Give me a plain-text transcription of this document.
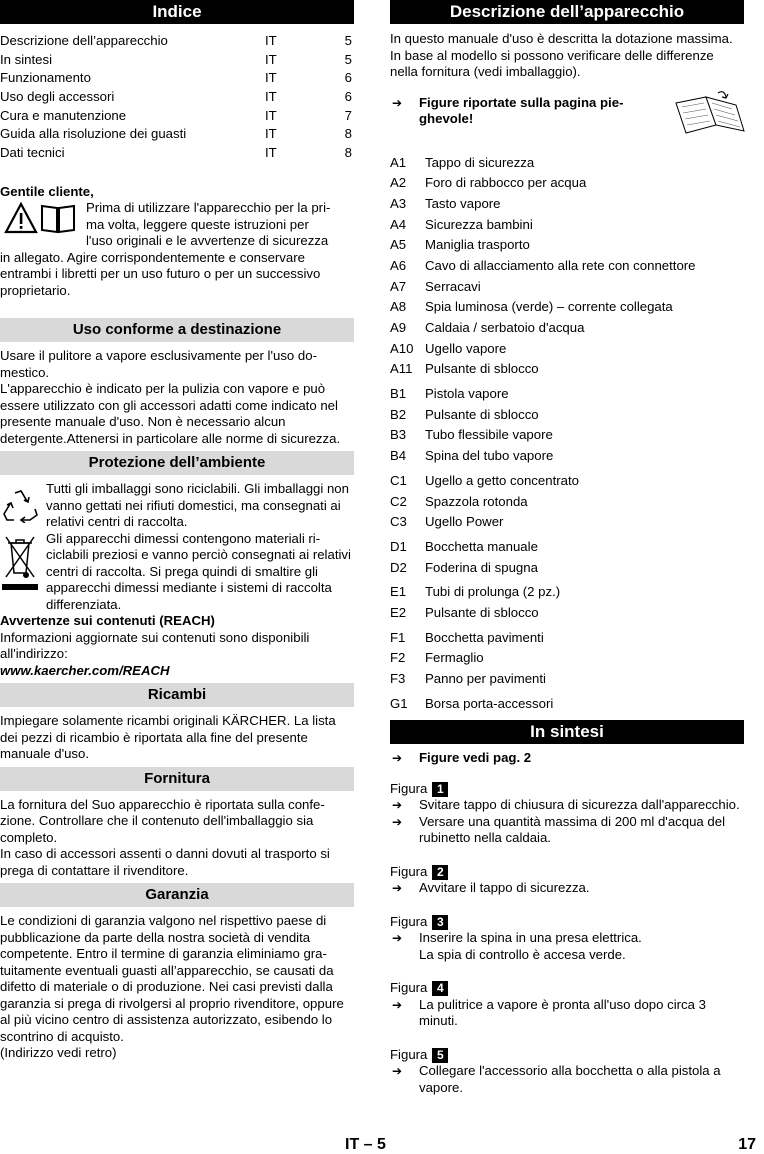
Indice
Descrizione dell’apparecchio	IT	5
In sintesi	IT	5
Funzionamento	IT	6
Uso degli accessori	IT	6
Cura e manutenzione	IT	7
Guida alla risoluzione dei guasti	IT	8
Dati tecnici	IT	8

Gentile cliente,

Prima di utilizzare l'apparecchio per la pri-

ma volta, leggere queste istruzioni per

l'uso originali e le avvertenze di sicurezza

in allegato. Agire corrispondentemente e conservare entrambi i libretti per un uso futuro o per un successivo proprietario.

Uso conforme a destinazione

Usare il pulitore a vapore esclusivamente per l'uso domestico.
L'apparecchio è indicato per la pulizia con vapore e può essere utilizzato con gli accessori adatti come indicato nel presente manuale d'uso. Non è necessario alcun detergente.Attenersi in particolare alle norme di sicurezza.

Protezione dell’ambiente

Tutti gli imballaggi sono riciclabili. Gli imballaggi non vanno gettati nei rifiuti domestici, ma consegnati ai relativi centri di raccolta.

Gli apparecchi dimessi contengono materiali riciclabili preziosi e vanno perciò consegnati ai relativi centri di raccolta. Si prega quindi di smaltire gli apparecchi dimessi mediante i sistemi di raccolta differenziata.

Avvertenze sui contenuti (REACH)

Informazioni aggiornate sui contenuti sono disponibili all'indirizzo:

www.kaercher.com/REACH

Ricambi

Impiegare solamente ricambi originali KÄRCHER. La lista dei pezzi di ricambio è riportata alla fine del presente manuale d'uso.

Fornitura

La fornitura del Suo apparecchio è riportata sulla confezione. Controllare che il contenuto dell'imballaggio sia completo.
In caso di accessori assenti o danni dovuti al trasporto si prega di contattare il rivenditore.

Garanzia

Le condizioni di garanzia valgono nel rispettivo paese di pubblicazione da parte della nostra società di vendita competente. Entro il termine di garanzia eliminiamo gratuitamente eventuali guasti all’apparecchio, se causati da difetto di materiale o di produzione. Nei casi previsti dalla garanzia si prega di rivolgersi al proprio rivenditore, oppure al più vicino centro di assistenza autorizzato, esibendo lo scontrino di acquisto.
(Indirizzo vedi retro)

Descrizione dell’apparecchio

In questo manuale d'uso è descritta la dotazione massima. In base al modello si possono verificare delle differenze nella fornitura (vedi imballaggio).

➔ Figure riportate sulla pagina pieghevole!

A1 Tappo di sicurezza
A2 Foro di rabbocco per acqua
A3 Tasto vapore
A4 Sicurezza bambini
A5 Maniglia trasporto
A6 Cavo di allacciamento alla rete con connettore
A7 Serracavi
A8 Spia luminosa (verde) – corrente collegata
A9 Caldaia / serbatoio d'acqua
A10 Ugello vapore
A11 Pulsante di sblocco
B1 Pistola vapore
B2 Pulsante di sblocco
B3 Tubo flessibile vapore
B4 Spina del tubo vapore
C1 Ugello a getto concentrato
C2 Spazzola rotonda
C3 Ugello Power
D1 Bocchetta manuale
D2 Foderina di spugna
E1 Tubi di prolunga (2 pz.)
E2 Pulsante di sblocco
F1 Bocchetta pavimenti
F2 Fermaglio
F3 Panno per pavimenti
G1 Borsa porta-accessori
In sintesi
➔ Figure vedi pag. 2

Figura 1
➔ Svitare tappo di chiusura di sicurezza dall'apparecchio.

➔ Versare una quantità massima di 200 ml d'acqua del rubinetto nella caldaia.

Figura 2
➔ Avvitare il tappo di sicurezza.

Figura 3
➔ Inserire la spina in una presa elettrica.
La spia di controllo è accesa verde.

Figura 4
➔ La pulitrice a vapore è pronta all'uso dopo circa 3 minuti.

Figura 5
➔ Collegare l'accessorio alla bocchetta o alla pistola a vapore.

IT – 5	17
